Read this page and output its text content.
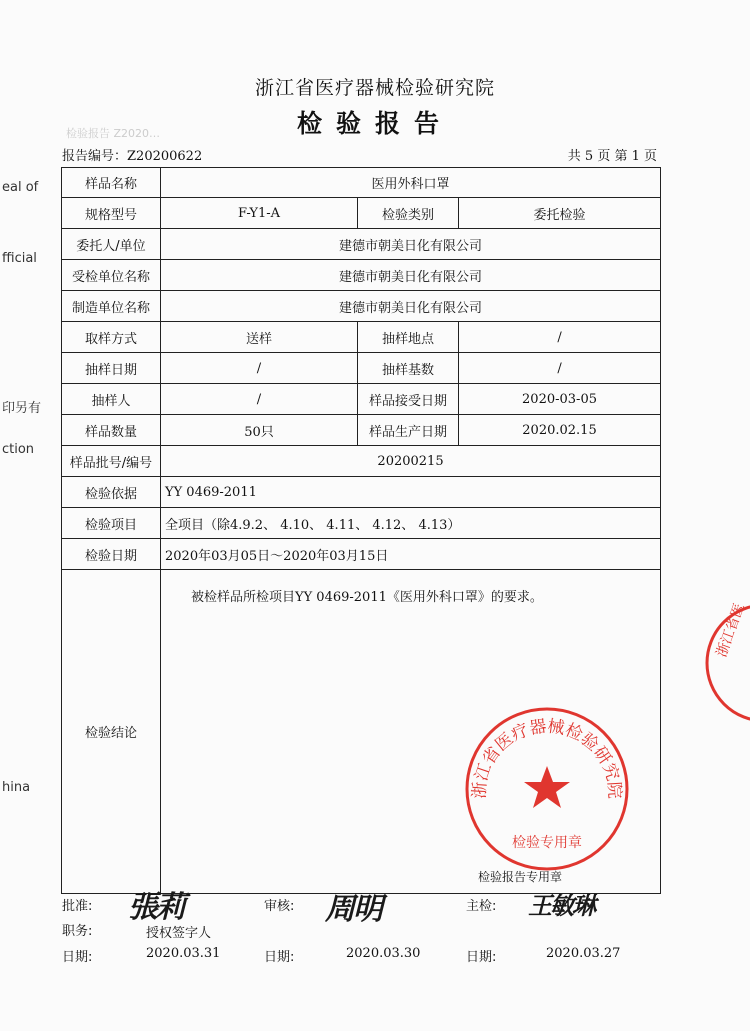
eal of
fficial
印另有
ction
hina
浙江省医疗器械检验研究院
检验报告
检验报告 Z2020…
报告编号：Z20200622	共 5 页 第 1 页
样品名称	医用外科口罩		
规格型号	F-Y1-A	检验类别	委托检验
委托人/单位	建德市朝美日化有限公司		
受检单位名称	建德市朝美日化有限公司		
制造单位名称	建德市朝美日化有限公司		
取样方式	送样	抽样地点	/
抽样日期	/	抽样基数	/
抽样人	/	样品接受日期	2020-03-05
样品数量	50只	样品生产日期	2020.02.15
样品批号/编号	20200215		
检验依据	YY 0469-2011		
检验项目	全项目（除4.9.2、 4.10、 4.11、 4.12、 4.13）		
检验日期	2020年03月05日～2020年03月15日		
检验结论	被检样品所检项目YY 0469-2011《医用外科口罩》的要求。		
浙江省医疗器械检验研究院
检验专用章
浙江省医
检验报告专用章
批准: 張莉	审核: 周明	主检: 王敏琳
职务:	授权签字人
日期:	2020.03.31	日期:	2020.03.30	日期:	2020.03.27
